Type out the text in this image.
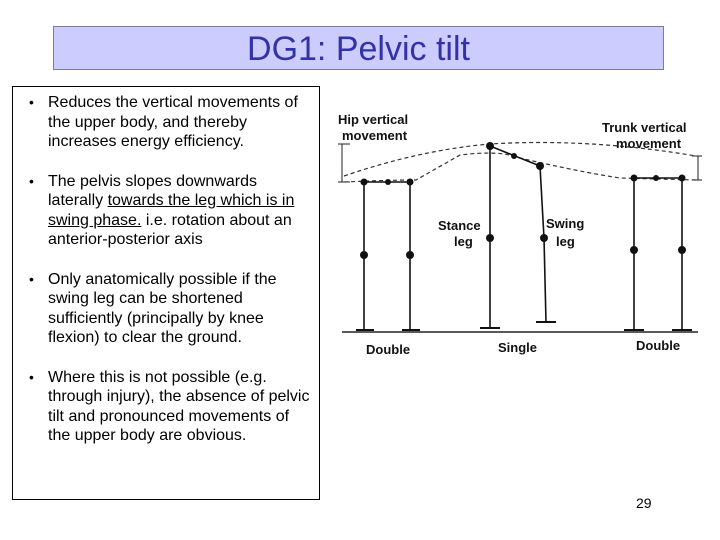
DG1: Pelvic tilt
• Reduces the vertical movements of the upper body, and thereby increases energy efficiency.
• The pelvis slopes downwards laterally towards the leg which is in swing phase. i.e. rotation about an anterior-posterior axis
• Only anatomically possible if the swing leg can be shortened sufficiently (principally by knee flexion) to clear the ground.
• Where this is not possible (e.g. through injury), the absence of pelvic tilt and pronounced movements of the upper body are obvious.
Hip vertical
movement
Trunk vertical
movement
Stance
leg
Swing
leg
Double	Single	Double
29
